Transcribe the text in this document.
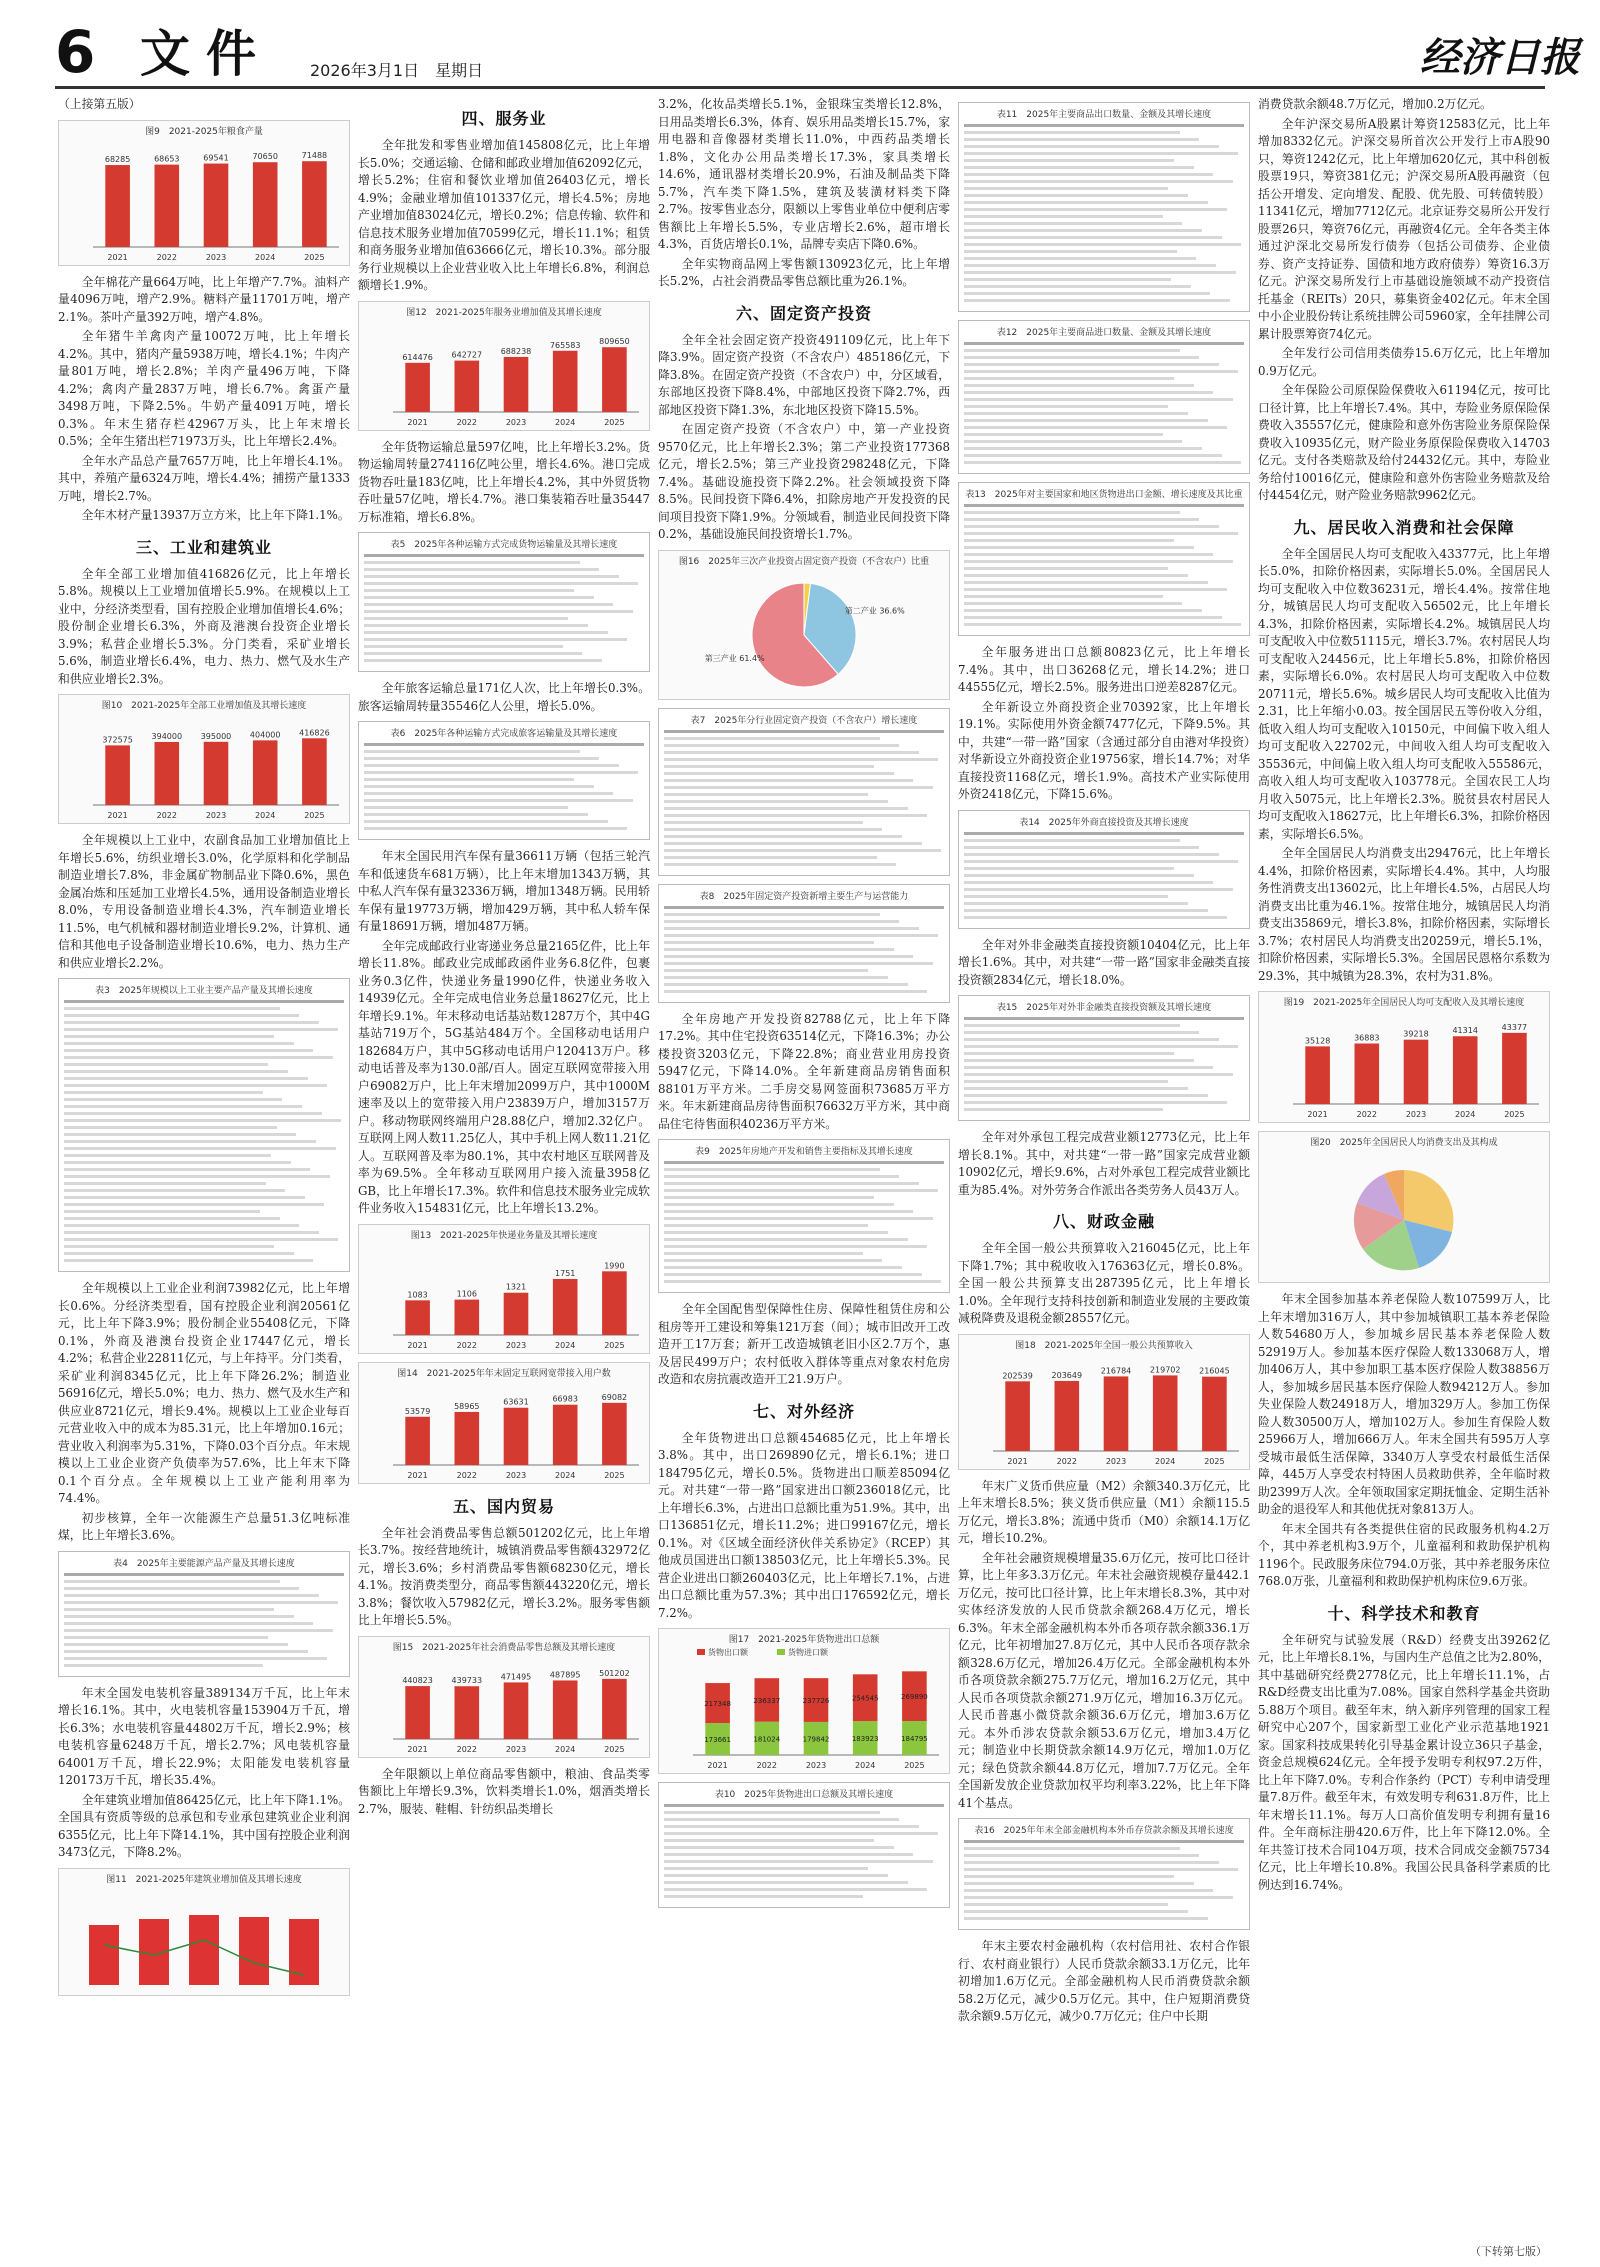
6 文件 2026年3月1日　星期日	经济日报

（上接第五版）

图9　2021-2025年粮食产量
68285
2021
68653
2022
69541
2023
70650
2024
71488
2025

全年棉花产量664万吨，比上年增产7.7%。油料产量4096万吨，增产2.9%。糖料产量11701万吨，增产2.1%。茶叶产量392万吨，增产4.8%。

全年猪牛羊禽肉产量10072万吨，比上年增长4.2%。其中，猪肉产量5938万吨，增长4.1%；牛肉产量801万吨，增长2.8%；羊肉产量496万吨，下降4.2%；禽肉产量2837万吨，增长6.7%。禽蛋产量3498万吨，下降2.5%。牛奶产量4091万吨，增长0.3%。年末生猪存栏42967万头，比上年末增长0.5%；全年生猪出栏71973万头，比上年增长2.4%。

全年水产品总产量7657万吨，比上年增长4.1%。其中，养殖产量6324万吨，增长4.4%；捕捞产量1333万吨，增长2.7%。

全年木材产量13937万立方米，比上年下降1.1%。

三、工业和建筑业

全年全部工业增加值416826亿元，比上年增长5.8%。规模以上工业增加值增长5.9%。在规模以上工业中，分经济类型看，国有控股企业增加值增长4.6%；股份制企业增长6.3%，外商及港澳台投资企业增长3.9%；私营企业增长5.3%。分门类看，采矿业增长5.6%，制造业增长6.4%，电力、热力、燃气及水生产和供应业增长2.3%。

图10　2021-2025年全部工业增加值及其增长速度
372575
2021
394000
2022
395000
2023
404000
2024
416826
2025

全年规模以上工业中，农副食品加工业增加值比上年增长5.6%，纺织业增长3.0%，化学原料和化学制品制造业增长7.8%，非金属矿物制品业下降0.6%，黑色金属冶炼和压延加工业增长4.5%，通用设备制造业增长8.0%，专用设备制造业增长4.3%，汽车制造业增长11.5%，电气机械和器材制造业增长9.2%，计算机、通信和其他电子设备制造业增长10.6%，电力、热力生产和供应业增长2.2%。

表3　2025年规模以上工业主要产品产量及其增长速度

全年规模以上工业企业利润73982亿元，比上年增长0.6%。分经济类型看，国有控股企业利润20561亿元，比上年下降3.9%；股份制企业55408亿元，下降0.1%，外商及港澳台投资企业17447亿元，增长4.2%；私营企业22811亿元，与上年持平。分门类看，采矿业利润8345亿元，比上年下降26.2%；制造业56916亿元，增长5.0%；电力、热力、燃气及水生产和供应业8721亿元，增长9.4%。规模以上工业企业每百元营业收入中的成本为85.31元，比上年增加0.16元；营业收入利润率为5.31%，下降0.03个百分点。年末规模以上工业企业资产负债率为57.6%，比上年末下降0.1个百分点。全年规模以上工业产能利用率为74.4%。

初步核算，全年一次能源生产总量51.3亿吨标准煤，比上年增长3.6%。

表4　2025年主要能源产品产量及其增长速度

年末全国发电装机容量389134万千瓦，比上年末增长16.1%。其中，火电装机容量153904万千瓦，增长6.3%；水电装机容量44802万千瓦，增长2.9%；核电装机容量6248万千瓦，增长2.7%；风电装机容量64001万千瓦，增长22.9%；太阳能发电装机容量120173万千瓦，增长35.4%。

全年建筑业增加值86425亿元，比上年下降1.1%。全国具有资质等级的总承包和专业承包建筑业企业利润6355亿元，比上年下降14.1%，其中国有控股企业利润3473亿元，下降8.2%。

图11　2021-2025年建筑业增加值及其增长速度
四、服务业

全年批发和零售业增加值145808亿元，比上年增长5.0%；交通运输、仓储和邮政业增加值62092亿元，增长5.2%；住宿和餐饮业增加值26403亿元，增长4.9%；金融业增加值101337亿元，增长4.5%；房地产业增加值83024亿元，增长0.2%；信息传输、软件和信息技术服务业增加值70599亿元，增长11.1%；租赁和商务服务业增加值63666亿元，增长10.3%。部分服务行业规模以上企业营业收入比上年增长6.8%，利润总额增长1.9%。

图12　2021-2025年服务业增加值及其增长速度
614476
2021
642727
2022
688238
2023
765583
2024
809650
2025

全年货物运输总量597亿吨，比上年增长3.2%。货物运输周转量274116亿吨公里，增长4.6%。港口完成货物吞吐量183亿吨，比上年增长4.2%，其中外贸货物吞吐量57亿吨，增长4.7%。港口集装箱吞吐量35447万标准箱，增长6.8%。

表5　2025年各种运输方式完成货物运输量及其增长速度

全年旅客运输总量171亿人次，比上年增长0.3%。旅客运输周转量35546亿人公里，增长5.0%。

表6　2025年各种运输方式完成旅客运输量及其增长速度

年末全国民用汽车保有量36611万辆（包括三轮汽车和低速货车681万辆），比上年末增加1343万辆，其中私人汽车保有量32336万辆，增加1348万辆。民用轿车保有量19773万辆，增加429万辆，其中私人轿车保有量18691万辆，增加487万辆。

全年完成邮政行业寄递业务总量2165亿件，比上年增长11.8%。邮政业完成邮政函件业务6.8亿件，包裹业务0.3亿件，快递业务量1990亿件，快递业务收入14939亿元。全年完成电信业务总量18627亿元，比上年增长9.1%。年末移动电话基站数1287万个，其中4G基站719万个，5G基站484万个。全国移动电话用户182684万户，其中5G移动电话用户120413万户。移动电话普及率为130.0部/百人。固定互联网宽带接入用户69082万户，比上年末增加2099万户，其中1000M速率及以上的宽带接入用户23839万户，增加3157万户。移动物联网终端用户28.88亿户，增加2.32亿户。互联网上网人数11.25亿人，其中手机上网人数11.21亿人。互联网普及率为80.1%，其中农村地区互联网普及率为69.5%。全年移动互联网用户接入流量3958亿GB，比上年增长17.3%。软件和信息技术服务业完成软件业务收入154831亿元，比上年增长13.2%。

图13　2021-2025年快递业务量及其增长速度
1083
2021
1106
2022
1321
2023
1751
2024
1990
2025
图14　2021-2025年年末固定互联网宽带接入用户数
53579
2021
58965
2022
63631
2023
66983
2024
69082
2025
五、国内贸易

全年社会消费品零售总额501202亿元，比上年增长3.7%。按经营地统计，城镇消费品零售额432972亿元，增长3.6%；乡村消费品零售额68230亿元，增长4.1%。按消费类型分，商品零售额443220亿元，增长3.8%；餐饮收入57982亿元，增长3.2%。服务零售额比上年增长5.5%。

图15　2021-2025年社会消费品零售总额及其增长速度
440823
2021
439733
2022
471495
2023
487895
2024
501202
2025

全年限额以上单位商品零售额中，粮油、食品类零售额比上年增长9.3%，饮料类增长1.0%，烟酒类增长2.7%，服装、鞋帽、针纺织品类增长

3.2%，化妆品类增长5.1%，金银珠宝类增长12.8%，日用品类增长6.3%，体育、娱乐用品类增长15.7%，家用电器和音像器材类增长11.0%，中西药品类增长1.8%，文化办公用品类增长17.3%，家具类增长14.6%，通讯器材类增长20.9%，石油及制品类下降5.7%，汽车类下降1.5%，建筑及装潢材料类下降2.7%。按零售业态分，限额以上零售业单位中便利店零售额比上年增长5.5%，专业店增长2.6%，超市增长4.3%，百货店增长0.1%，品牌专卖店下降0.6%。

全年实物商品网上零售额130923亿元，比上年增长5.2%，占社会消费品零售总额比重为26.1%。

六、固定资产投资

全年全社会固定资产投资491109亿元，比上年下降3.9%。固定资产投资（不含农户）485186亿元，下降3.8%。在固定资产投资（不含农户）中，分区域看，东部地区投资下降8.4%，中部地区投资下降2.7%，西部地区投资下降1.3%，东北地区投资下降15.5%。

在固定资产投资（不含农户）中，第一产业投资9570亿元，比上年增长2.3%；第二产业投资177368亿元，增长2.5%；第三产业投资298248亿元，下降7.4%。基础设施投资下降2.2%。社会领域投资下降8.5%。民间投资下降6.4%，扣除房地产开发投资的民间项目投资下降1.9%。分领域看，制造业民间投资下降0.2%，基础设施民间投资增长1.7%。

图16　2025年三次产业投资占固定资产投资（不含农户）比重
第二产业 36.6%
第三产业 61.4%
表7　2025年分行业固定资产投资（不含农户）增长速度
表8　2025年固定资产投资新增主要生产与运营能力

全年房地产开发投资82788亿元，比上年下降17.2%。其中住宅投资63514亿元，下降16.3%；办公楼投资3203亿元，下降22.8%；商业营业用房投资5947亿元，下降14.0%。全年新建商品房销售面积88101万平方米。二手房交易网签面积73685万平方米。年末新建商品房待售面积76632万平方米，其中商品住宅待售面积40236万平方米。

表9　2025年房地产开发和销售主要指标及其增长速度

全年全国配售型保障性住房、保障性租赁住房和公租房等开工建设和筹集121万套（间）；城市旧改开工改造开工17万套；新开工改造城镇老旧小区2.7万个，惠及居民499万户；农村低收入群体等重点对象农村危房改造和农房抗震改造开工21.9万户。

七、对外经济

全年货物进出口总额454685亿元，比上年增长3.8%。其中，出口269890亿元，增长6.1%；进口184795亿元，增长0.5%。货物进出口顺差85094亿元。对共建“一带一路”国家进出口额236018亿元，比上年增长6.3%，占进出口总额比重为51.9%。其中，出口136851亿元，增长11.2%；进口99167亿元，增长0.1%。对《区域全面经济伙伴关系协定》（RCEP）其他成员国进出口额138503亿元，比上年增长5.3%。民营企业进出口额260403亿元，比上年增长7.1%，占进出口总额比重为57.3%；其中出口176592亿元，增长7.2%。

图17　2021-2025年货物进出口总额
173661
217348
2021
181024
236337
2022
179842
237726
2023
183923
254545
2024
184795
269890
2025
货物出口额	货物进口额
表10　2025年货物进出口总额及其增长速度
表11　2025年主要商品出口数量、金额及其增长速度
表12　2025年主要商品进口数量、金额及其增长速度
表13　2025年对主要国家和地区货物进出口金额、增长速度及其比重

全年服务进出口总额80823亿元，比上年增长7.4%。其中，出口36268亿元，增长14.2%；进口44555亿元，增长2.5%。服务进出口逆差8287亿元。

全年新设立外商投资企业70392家，比上年增长19.1%。实际使用外资金额7477亿元，下降9.5%。其中，共建“一带一路”国家（含通过部分自由港对华投资）对华新设立外商投资企业19756家，增长14.7%；对华直接投资1168亿元，增长1.9%。高技术产业实际使用外资2418亿元，下降15.6%。

表14　2025年外商直接投资及其增长速度

全年对外非金融类直接投资额10404亿元，比上年增长1.6%。其中，对共建“一带一路”国家非金融类直接投资额2834亿元，增长18.0%。

表15　2025年对外非金融类直接投资额及其增长速度

全年对外承包工程完成营业额12773亿元，比上年增长8.1%。其中，对共建“一带一路”国家完成营业额10902亿元，增长9.6%，占对外承包工程完成营业额比重为85.4%。对外劳务合作派出各类劳务人员43万人。

八、财政金融

全年全国一般公共预算收入216045亿元，比上年下降1.7%；其中税收收入176363亿元，增长0.8%。全国一般公共预算支出287395亿元，比上年增长1.0%。全年现行支持科技创新和制造业发展的主要政策减税降费及退税金额28557亿元。

图18　2021-2025年全国一般公共预算收入
202539
2021
203649
2022
216784
2023
219702
2024
216045
2025

年末广义货币供应量（M2）余额340.3万亿元，比上年末增长8.5%；狭义货币供应量（M1）余额115.5万亿元，增长3.8%；流通中货币（M0）余额14.1万亿元，增长10.2%。

全年社会融资规模增量35.6万亿元，按可比口径计算，比上年多3.3万亿元。年末社会融资规模存量442.1万亿元，按可比口径计算，比上年末增长8.3%，其中对实体经济发放的人民币贷款余额268.4万亿元，增长6.3%。年末全部金融机构本外币各项存款余额336.1万亿元，比年初增加27.8万亿元，其中人民币各项存款余额328.6万亿元，增加26.4万亿元。全部金融机构本外币各项贷款余额275.7万亿元，增加16.2万亿元，其中人民币各项贷款余额271.9万亿元，增加16.3万亿元。人民币普惠小微贷款余额36.6万亿元，增加3.6万亿元。本外币涉农贷款余额53.6万亿元，增加3.4万亿元；制造业中长期贷款余额14.9万亿元，增加1.0万亿元；绿色贷款余额44.8万亿元，增加7.7万亿元。全年全国新发放企业贷款加权平均利率3.22%，比上年下降41个基点。

表16　2025年年末全部金融机构本外币存贷款余额及其增长速度

年末主要农村金融机构（农村信用社、农村合作银行、农村商业银行）人民币贷款余额33.1万亿元，比年初增加1.6万亿元。全部金融机构人民币消费贷款余额58.2万亿元，减少0.5万亿元。其中，住户短期消费贷款余额9.5万亿元，减少0.7万亿元；住户中长期

消费贷款余额48.7万亿元，增加0.2万亿元。

全年沪深交易所A股累计筹资12583亿元，比上年增加8332亿元。沪深交易所首次公开发行上市A股90只，筹资1242亿元，比上年增加620亿元，其中科创板股票19只，筹资381亿元；沪深交易所A股再融资（包括公开增发、定向增发、配股、优先股、可转债转股）11341亿元，增加7712亿元。北京证券交易所公开发行股票26只，筹资76亿元，再融资4亿元。全年各类主体通过沪深北交易所发行债券（包括公司债券、企业债券、资产支持证券、国债和地方政府债券）筹资16.3万亿元。沪深交易所发行上市基础设施领域不动产投资信托基金（REITs）20只，募集资金402亿元。年末全国中小企业股份转让系统挂牌公司5960家，全年挂牌公司累计股票筹资74亿元。

全年发行公司信用类债券15.6万亿元，比上年增加0.9万亿元。

全年保险公司原保险保费收入61194亿元，按可比口径计算，比上年增长7.4%。其中，寿险业务原保险保费收入35557亿元，健康险和意外伤害险业务原保险保费收入10935亿元，财产险业务原保险保费收入14703亿元。支付各类赔款及给付24432亿元。其中，寿险业务给付10016亿元，健康险和意外伤害险业务赔款及给付4454亿元，财产险业务赔款9962亿元。

九、居民收入消费和社会保障

全年全国居民人均可支配收入43377元，比上年增长5.0%，扣除价格因素，实际增长5.0%。全国居民人均可支配收入中位数36231元，增长4.4%。按常住地分，城镇居民人均可支配收入56502元，比上年增长4.3%，扣除价格因素，实际增长4.2%。城镇居民人均可支配收入中位数51115元，增长3.7%。农村居民人均可支配收入24456元，比上年增长5.8%，扣除价格因素，实际增长6.0%。农村居民人均可支配收入中位数20711元，增长5.6%。城乡居民人均可支配收入比值为2.31，比上年缩小0.03。按全国居民五等份收入分组，低收入组人均可支配收入10150元，中间偏下收入组人均可支配收入22702元，中间收入组人均可支配收入35536元，中间偏上收入组人均可支配收入55586元，高收入组人均可支配收入103778元。全国农民工人均月收入5075元，比上年增长2.3%。脱贫县农村居民人均可支配收入18627元，比上年增长6.3%，扣除价格因素，实际增长6.5%。

全年全国居民人均消费支出29476元，比上年增长4.4%，扣除价格因素，实际增长4.4%。其中，人均服务性消费支出13602元，比上年增长4.5%，占居民人均消费支出比重为46.1%。按常住地分，城镇居民人均消费支出35869元，增长3.8%，扣除价格因素，实际增长3.7%；农村居民人均消费支出20259元，增长5.1%，扣除价格因素，实际增长5.3%。全国居民恩格尔系数为29.3%，其中城镇为28.3%，农村为31.8%。

图19　2021-2025年全国居民人均可支配收入及其增长速度
35128
2021
36883
2022
39218
2023
41314
2024
43377
2025
图20　2025年全国居民人均消费支出及其构成

年末全国参加基本养老保险人数107599万人，比上年末增加316万人，其中参加城镇职工基本养老保险人数54680万人，参加城乡居民基本养老保险人数52919万人。参加基本医疗保险人数133068万人，增加406万人，其中参加职工基本医疗保险人数38856万人，参加城乡居民基本医疗保险人数94212万人。参加失业保险人数24918万人，增加329万人。参加工伤保险人数30500万人，增加102万人。参加生育保险人数25966万人，增加666万人。年末全国共有595万人享受城市最低生活保障，3340万人享受农村最低生活保障，445万人享受农村特困人员救助供养，全年临时救助2399万人次。全年领取国家定期抚恤金、定期生活补助金的退役军人和其他优抚对象813万人。

年末全国共有各类提供住宿的民政服务机构4.2万个，其中养老机构3.9万个，儿童福利和救助保护机构1196个。民政服务床位794.0万张，其中养老服务床位768.0万张，儿童福利和救助保护机构床位9.6万张。

十、科学技术和教育

全年研究与试验发展（R&D）经费支出39262亿元，比上年增长8.1%，与国内生产总值之比为2.80%，其中基础研究经费2778亿元，比上年增长11.1%，占R&D经费支出比重为7.08%。国家自然科学基金共资助5.88万个项目。截至年末，纳入新序列管理的国家工程研究中心207个，国家新型工业化产业示范基地1921家。国家科技成果转化引导基金累计设立36只子基金，资金总规模624亿元。全年授予发明专利权97.2万件，比上年下降7.0%。专利合作条约（PCT）专利申请受理量7.8万件。截至年末，有效发明专利631.8万件，比上年末增长11.1%。每万人口高价值发明专利拥有量16件。全年商标注册420.6万件，比上年下降12.0%。全年共签订技术合同104万项，技术合同成交金额75734亿元，比上年增长10.8%。我国公民具备科学素质的比例达到16.74%。

（下转第七版）
